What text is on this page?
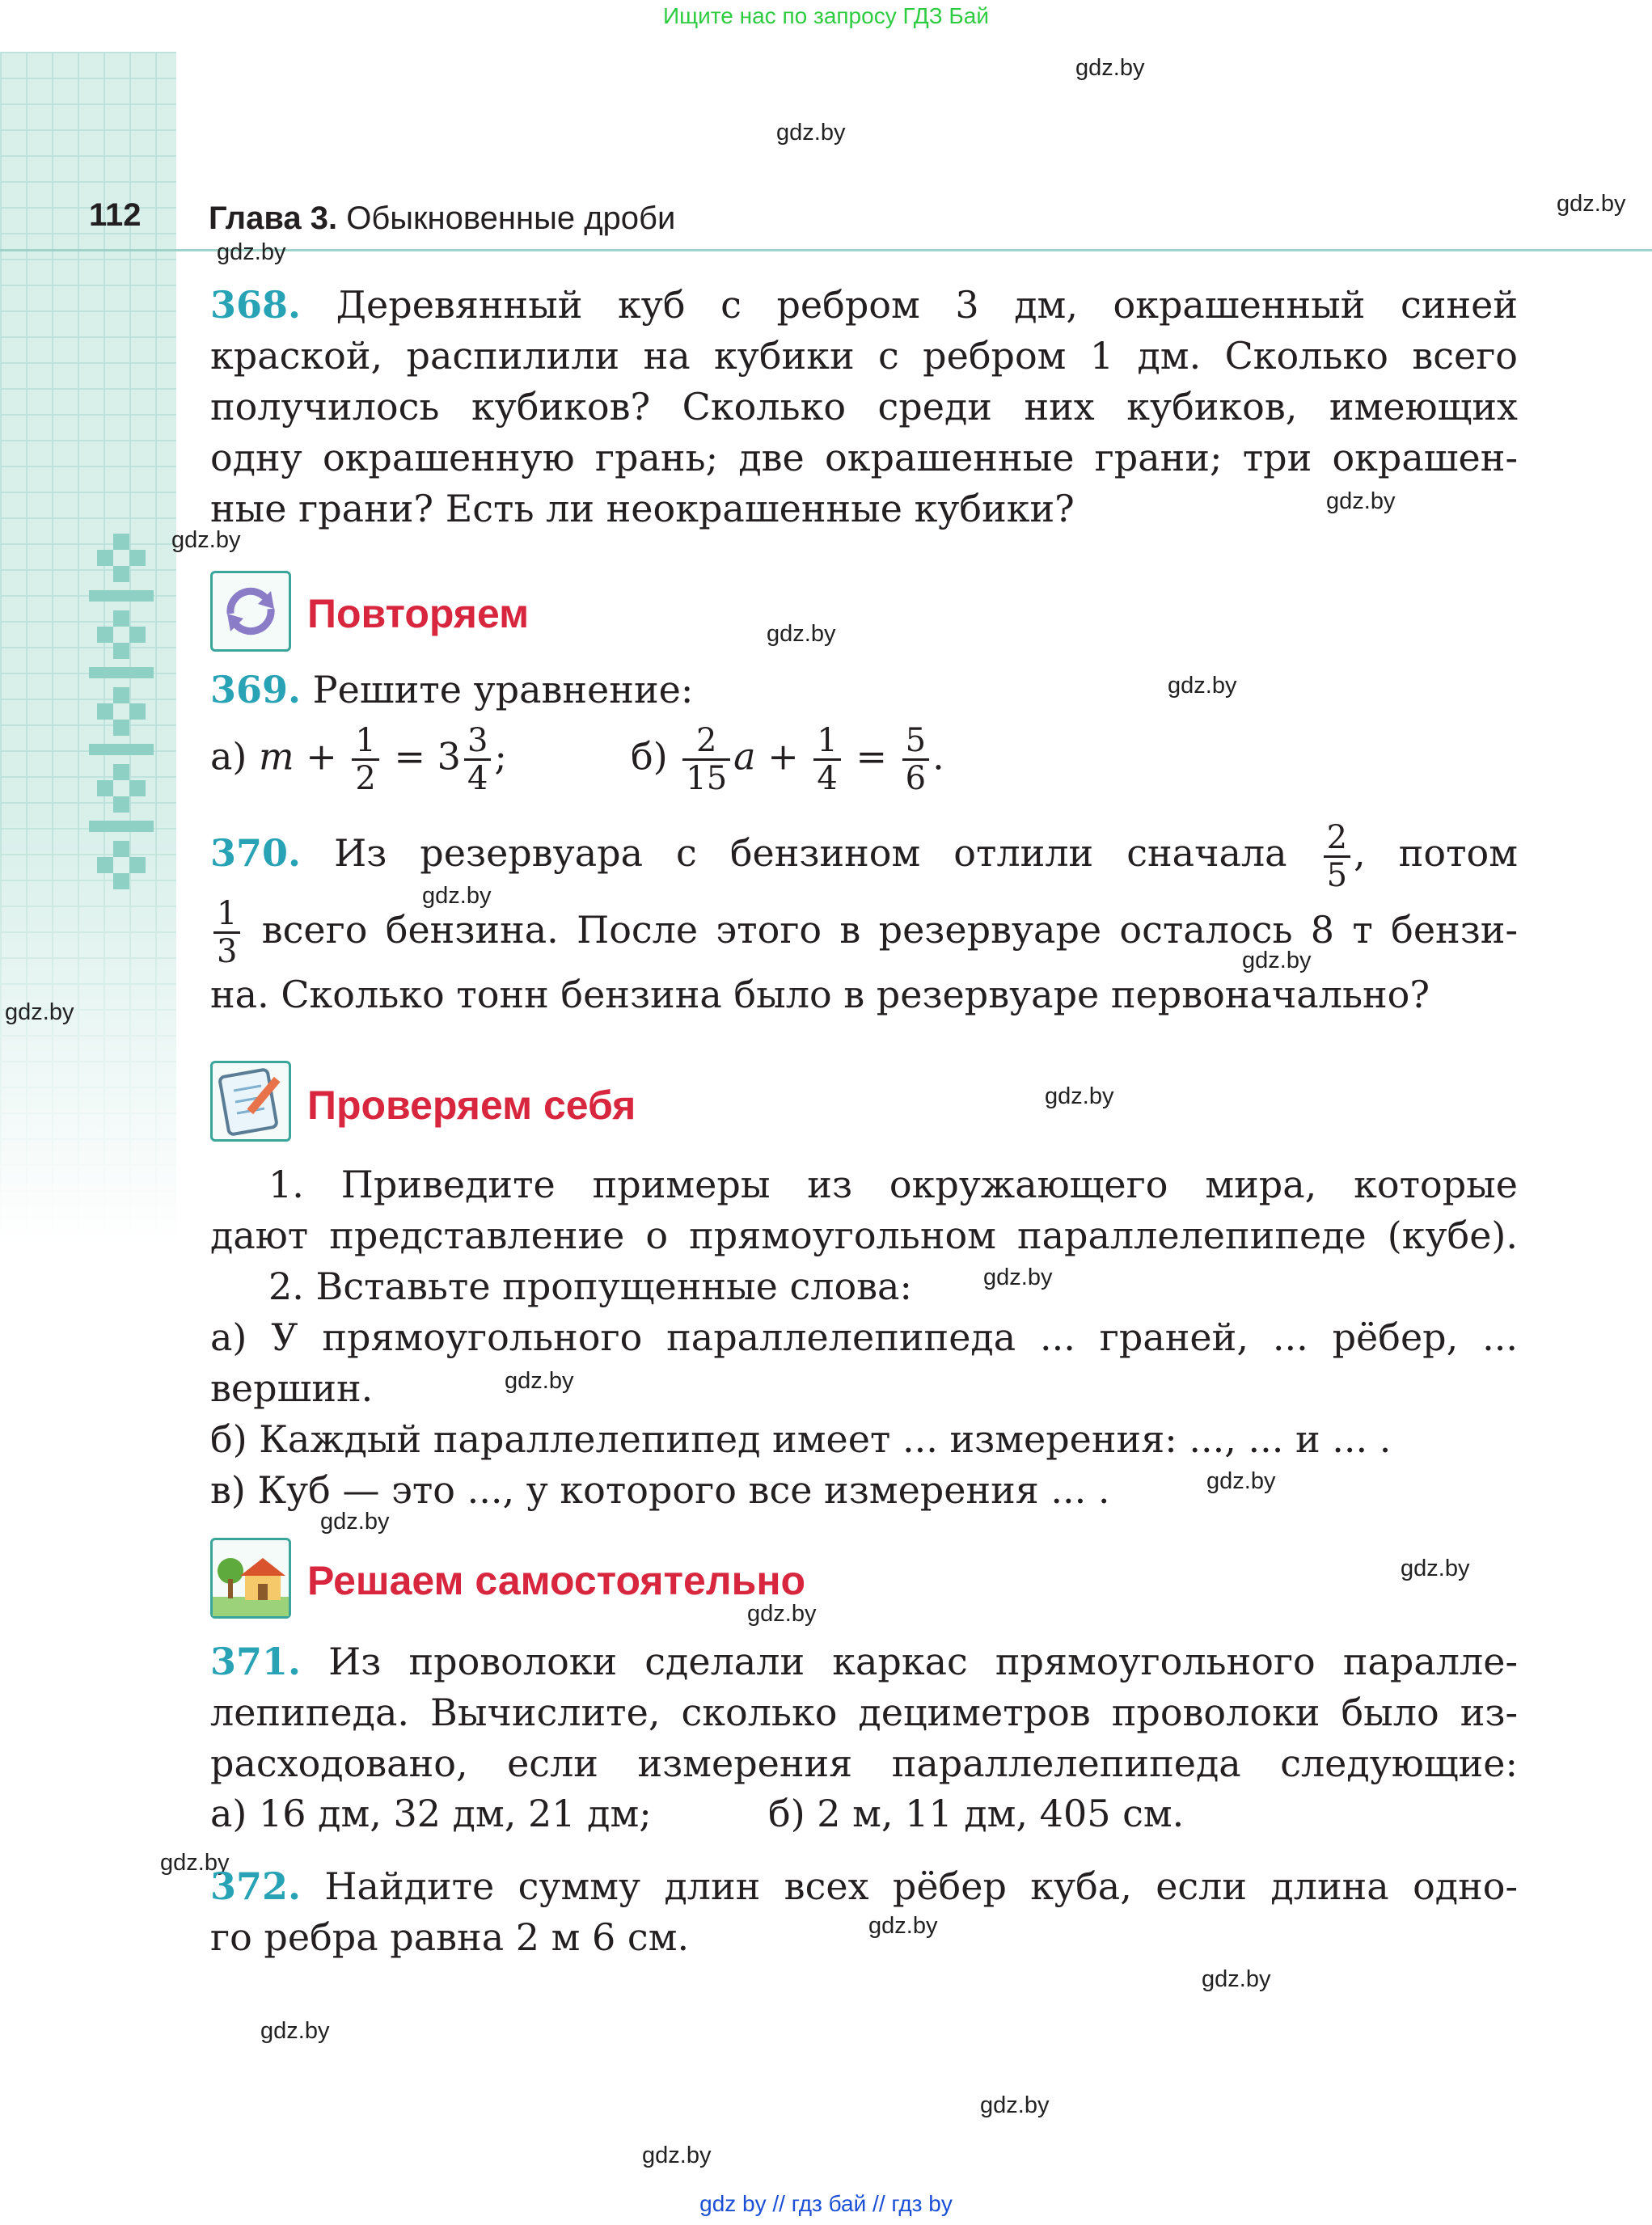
Ищите нас по запросу ГДЗ Бай
112 Глава 3. Обыкновенные дроби
gdz.by
gdz.by
gdz.by
gdz.by
gdz.by
gdz.by
gdz.by
gdz.by
gdz.by
gdz.by
gdz.by
gdz.by
gdz.by
gdz.by
gdz.by
gdz.by
gdz.by
gdz.by
gdz.by
gdz.by
gdz.by
gdz.by
gdz.by
gdz.by
368. Деревянный куб с ребром 3 дм, окрашенный синей
краской, распилили на кубики с ребром 1 дм. Сколько всего
получилось кубиков? Сколько среди них кубиков, имеющих
одну окрашенную грань; две окрашенные грани; три окрашен-
ные грани? Есть ли неокрашенные кубики?
Повторяем
369. Решите уравнение:
а) $m + \frac{1}{2} = 3 \frac{3}{4}$ ;	$б) \frac{2}{15}$ $a + \frac{1}{4} = \frac{5}{6}$ .
370. Из резервуара с бензином отлили сначала $\frac{2}{5}$ , потом
$\frac{1}{3}$ всего бензина. После этого в резервуаре осталось 8 т бензи-
на. Сколько тонн бензина было в резервуаре первоначально?
Проверяем себя
1. Приведите примеры из окружающего мира, которые
дают представление о прямоугольном параллелепипеде (кубе).
2. Вставьте пропущенные слова:
а) У прямоугольного параллелепипеда ... граней, ... рёбер, ...
вершин.
б) Каждый параллелепипед имеет ... измерения: ..., ... и ... .
в) Куб — это ..., у которого все измерения ... .
Решаем самостоятельно
371. Из проволоки сделали каркас прямоугольного паралле-
лепипеда. Вычислите, сколько дециметров проволоки было из-
расходовано, если измерения параллелепипеда следующие:
а) 16 дм, 32 дм, 21 дм;	б) 2 м, 11 дм, 405 см.
372. Найдите сумму длин всех рёбер куба, если длина одно-
го ребра равна 2 м 6 см.
gdz by // гдз бай // гдз by
